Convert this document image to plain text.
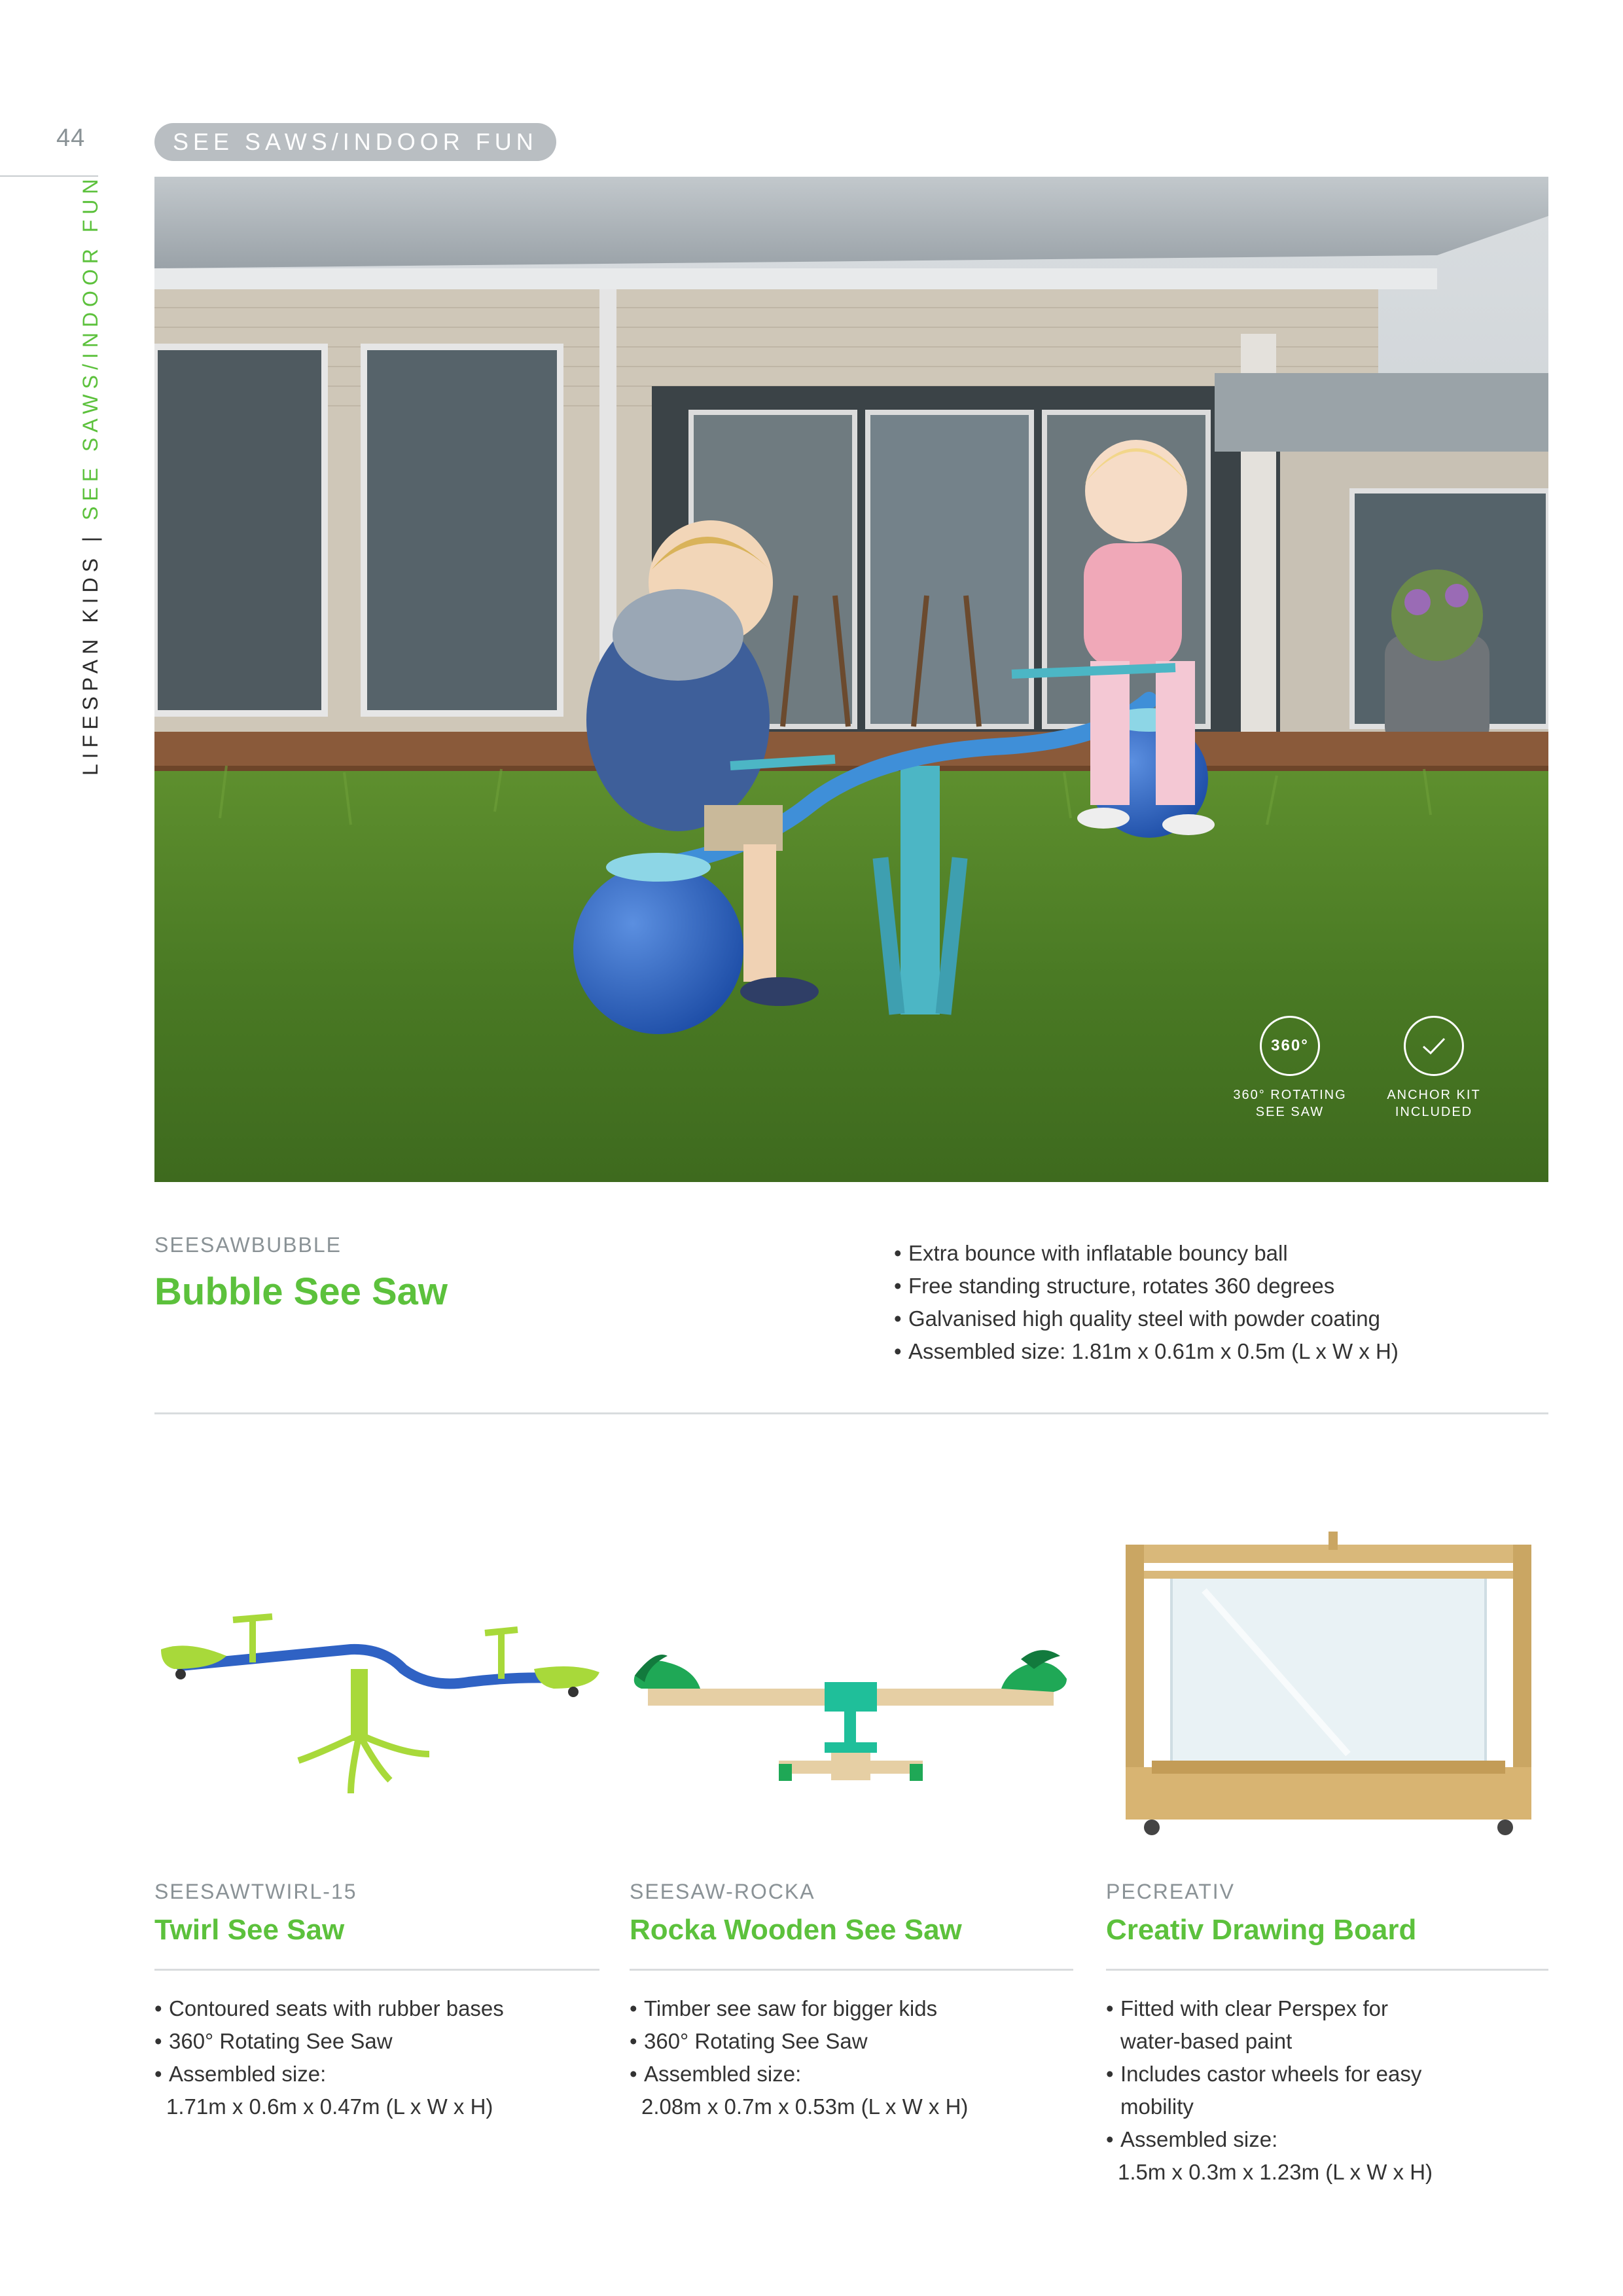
44	SEE SAWS/INDOOR FUN
LIFESPAN KIDS | SEE SAWS/INDOOR FUN
360°
360° ROTATING
SEE SAW
ANCHOR KIT
INCLUDED
SEESAWBUBBLE
Bubble See Saw
• Extra bounce with inflatable bouncy ball
• Free standing structure, rotates 360 degrees
• Galvanised high quality steel with powder coating
• Assembled size: 1.81m x 0.61m x 0.5m (L x W x H)
SEESAWTWIRL-15
Twirl See Saw
• Contoured seats with rubber bases
• 360° Rotating See Saw
• Assembled size:
1.71m x 0.6m x 0.47m (L x W x H)
SEESAW-ROCKA
Rocka Wooden See Saw
• Timber see saw for bigger kids
• 360° Rotating See Saw
• Assembled size:
2.08m x 0.7m x 0.53m (L x W x H)
PECREATIV
Creativ Drawing Board
• Fitted with clear Perspex for
water-based paint
• Includes castor wheels for easy
mobility
• Assembled size:
1.5m x 0.3m x 1.23m (L x W x H)
